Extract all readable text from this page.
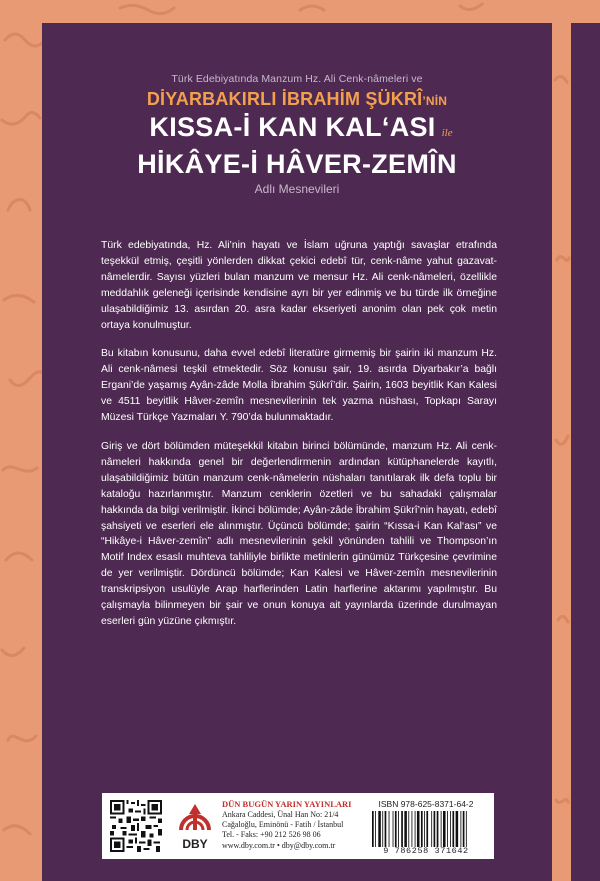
Türk Edebiyatında Manzum Hz. Ali Cenk-nâmeleri ve
DİYARBAKIRLI İBRAHİM ŞÜKRÎ’NİN
KISSA-İ KAN KAL‘ASI ile
HİKÂYE-İ HÂVER-ZEMÎN
Adlı Mesnevileri

Türk edebiyatında, Hz. Ali’nin hayatı ve İslam uğruna yaptığı savaşlar etrafında teşekkül etmiş, çeşitli yönlerden dikkat çekici edebî tür, cenk-nâme yahut gazavat-nâmelerdir. Sayısı yüzleri bulan manzum ve mensur Hz. Ali cenk-nâmeleri, özellikle meddahlık geleneği içerisinde kendisine ayrı bir yer edinmiş ve bu türde ilk örneğine ulaşabildiğimiz 13. asırdan 20. asra kadar ekseriyeti anonim olan pek çok metin ortaya konulmuştur.

Bu kitabın konusunu, daha evvel edebî literatüre girmemiş bir şairin iki manzum Hz. Ali cenk-nâmesi teşkil etmektedir. Söz konusu şair, 19. asırda Diyarbakır’a bağlı Ergani’de yaşamış Ayân-zâde Molla İbrahim Şükrî’dir. Şairin, 1603 beyitlik Kan Kalesi ve 4511 beyitlik Hâver-zemîn mesnevilerinin tek yazma nüshası, Topkapı Sarayı Müzesi Türkçe Yazmaları Y. 790’da bulunmaktadır.

Giriş ve dört bölümden müteşekkil kitabın birinci bölümünde, manzum Hz. Ali cenk-nâmeleri hakkında genel bir değerlendirmenin ardından kütüphanelerde kayıtlı, ulaşabildiğimiz bütün manzum cenk-nâmelerin nüshaları tanıtılarak ilk defa toplu bir kataloğu hazırlanmıştır. Manzum cenklerin özetleri ve bu sahadaki çalışmalar hakkında da bilgi verilmiştir. İkinci bölümde; Ayân-zâde İbrahim Şükrî’nin hayatı, edebî şahsiyeti ve eserleri ele alınmıştır. Üçüncü bölümde; şairin “Kıssa-i Kan Kal‘ası” ve “Hikâye-i Hâver-zemîn” adlı mesnevilerinin şekil yönünden tahlili ve Thompson’ın Motif Index esaslı muhteva tahliliyle birlikte metinlerin günümüz Türkçesine çevrimine de yer verilmiştir. Dördüncü bölümde; Kan Kalesi ve Hâver-zemîn mesnevilerinin transkripsiyon usulüyle Arap harflerinden Latin harflerine aktarımı yapılmıştır. Bu çalışmayla bilinmeyen bir şair ve onun konuya ait yayınlarda üzerinde durulmayan eserleri gün yüzüne çıkmıştır.

DBY
DÜN BUGÜN YARIN YAYINLARI
Ankara Caddesi, Ünal Han No: 21/4
Cağaloğlu, Eminönü - Fatih / İstanbul
Tel. - Faks: +90 212 526 98 06
www.dby.com.tr • dby@dby.com.tr
ISBN 978-625-8371-64-2
9 786258 371642
